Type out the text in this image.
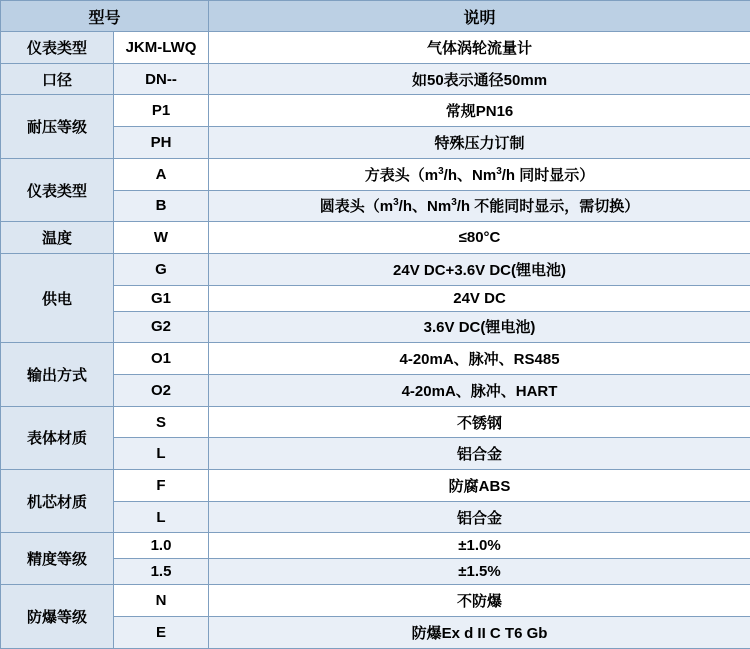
型号		说明
仪表类型	JKM-LWQ	气体涡轮流量计
口径	DN--	如50表示通径50mm
耐压等级	P1	常规PN16
	PH	特殊压力订制
仪表类型	A	方表头（$m^3/h$、Nm$^3$/h 同时显示）
	B	圆表头（$m^3/h$、Nm$^3$/h 不能同时显示，需切换）
温度	W	≤80°C
供电	G	24V DC+3.6V DC(锂电池)
	G1	24V DC
	G2	3.6V DC(锂电池)
输出方式	O1	4-20mA、脉冲、RS485
	O2	4-20mA、脉冲、HART
表体材质	S	不锈钢
	L	铝合金
机芯材质	F	防腐ABS
	L	铝合金
精度等级	1.0	±1.0%
	1.5	±1.5%
防爆等级	N	不防爆
	E	防爆Ex d II C T6 Gb
